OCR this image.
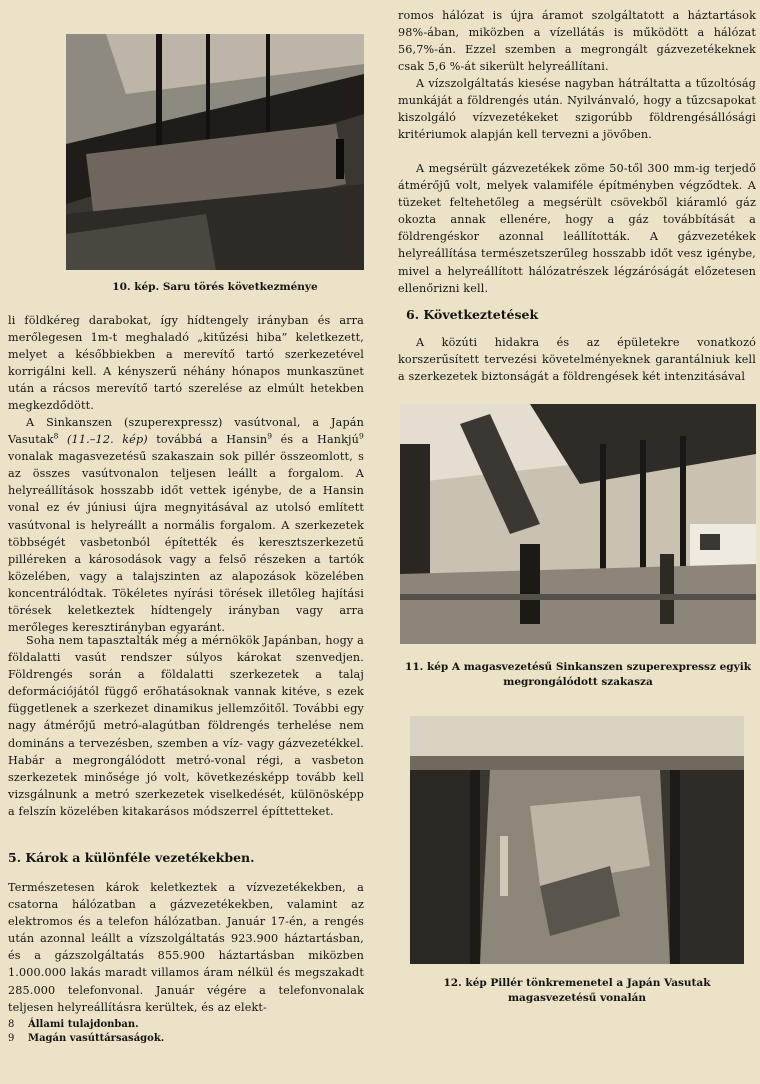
10. kép. Saru törés következménye

li földkéreg darabokat, így hídtengely irányban és arra merőlegesen 1m-t meghaladó „kitűzési hiba” keletkezett, melyet a későbbiekben a merevítő tartó szerkezetével korrigálni kell. A kényszerű néhány hónapos munkaszünet után a rácsos merevítő tartó szerelése az elmúlt hetekben megkezdődött.

A Sinkanszen (szuperexpressz) vasútvonal, a Japán Vasutak$^8$ (11.–12. kép) továbbá a Hansin$^9$ és a Hankjú$^9$ vonalak magasvezetésű szakaszain sok pillér összeomlott, s az összes vasútvonalon teljesen leállt a forgalom. A helyreállítások hosszabb időt vettek igénybe, de a Hansin vonal ez év júniusi újra megnyitásával az utolsó említett vasútvonal is helyreállt a normális forgalom. A szerkezetek többségét vasbetonból építették és keresztszerkezetű pilléreken a károsodások vagy a felső részeken a tartók közelében, vagy a talajszinten az alapozások közelében koncentrálódtak. Tökéletes nyírási törések illetőleg hajítási törések keletkeztek hídtengely irányban vagy arra merőleges keresztirányban egyaránt.

Soha nem tapasztalták még a mérnökök Japánban, hogy a földalatti vasút rendszer súlyos károkat szenvedjen. Földrengés során a földalatti szerkezetek a talaj deformációjától függő erőhatásoknak vannak kitéve, s ezek függetlenek a szerkezet dinamikus jellemzőitől. További egy nagy átmérőjű metró-alagútban földrengés terhelése nem domináns a tervezésben, szemben a víz- vagy gázvezetékkel. Habár a megrongálódott metró-vonal régi, a vasbeton szerkezetek minősége jó volt, következésképp tovább kell vizsgálnunk a metró szerkezetek viselkedését, különösképp a felszín közelében kitakarásos módszerrel építtetteket.

5. Károk a különféle vezetékekben.

Természetesen károk keletkeztek a vízvezetékekben, a csatorna hálózatban a gázvezetékekben, valamint az elektromos és a telefon hálózatban. Január 17-én, a rengés után azonnal leállt a vízszolgáltatás 923.900 háztartásban, és a gázszolgáltatás 855.900 háztartásban miközben 1.000.000 lakás maradt villamos áram nélkül és megszakadt 285.000 telefonvonal. Január végére a telefonvonalak teljesen helyreállításra kerültek, és az elekt-

8 Állami tulajdonban.
9 Magán vasúttársaságok.

romos hálózat is újra áramot szolgáltatott a háztartások 98%-ában, miközben a vízellátás is működött a hálózat 56,7%-án. Ezzel szemben a megrongált gázvezetékeknek csak 5,6 %-át sikerült helyreállítani.

A vízszolgáltatás kiesése nagyban hátráltatta a tűzoltóság munkáját a földrengés után. Nyilvánvaló, hogy a tűzcsapokat kiszolgáló vízvezetékeket szigorúbb földrengésállósági kritériumok alapján kell tervezni a jövőben.

A megsérült gázvezetékek zöme 50-től 300 mm-ig terjedő átmérőjű volt, melyek valamiféle építményben végződtek. A tüzeket feltehetőleg a megsérült csövekből kiáramló gáz okozta annak ellenére, hogy a gáz továbbítását a földrengéskor azonnal leállították. A gázvezetékek helyreállítása természetszerűleg hosszabb időt vesz igénybe, mivel a helyreállított hálózatrészek légzáróságát előzetesen ellenőrizni kell.

6. Következtetések

A közúti hidakra és az épületekre vonatkozó korszerűsített tervezési követelményeknek garantálniuk kell a szerkezetek biztonságát a földrengések két intenzitásával

11. kép A magasvezetésű Sinkanszen szuperexpressz egyik
megrongálódott szakasza
12. kép Pillér tönkremenetel a Japán Vasutak
magasvezetésű vonalán
